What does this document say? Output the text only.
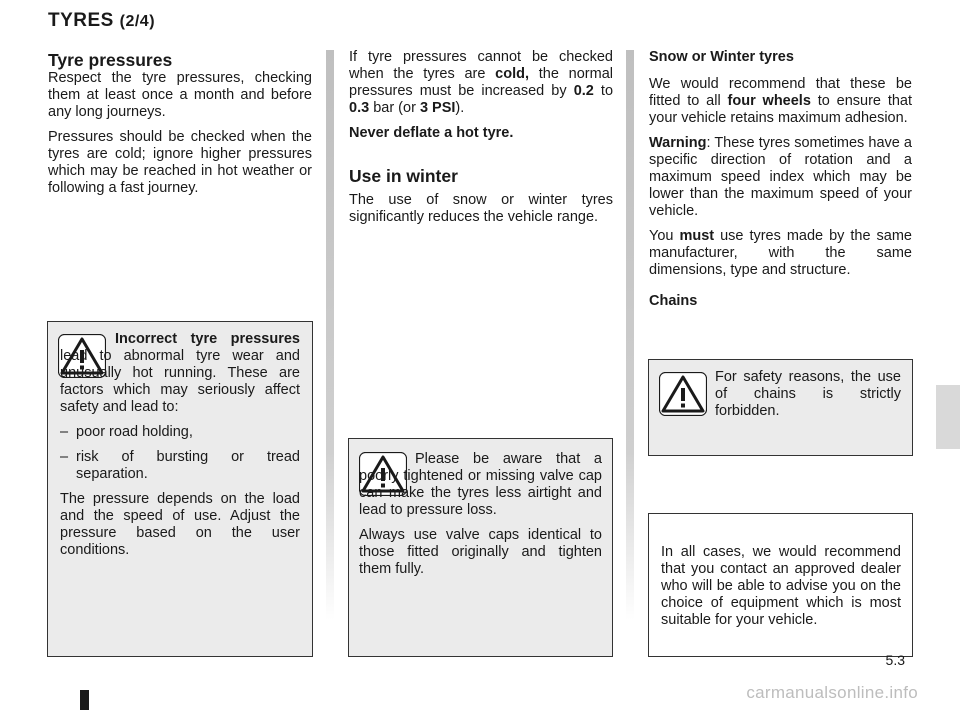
TYRES (2/4)
Tyre pressures

Respect the tyre pressures, checking them at least once a month and before any long journeys.

Pressures should be checked when the tyres are cold; ignore higher pressures which may be reached in hot weather or following a fast journey.

If tyre pressures cannot be checked when the tyres are cold, the normal pressures must be increased by 0.2 to 0.3 bar (or 3 PSI).

Never deflate a hot tyre.

Use in winter

The use of snow or winter tyres significantly reduces the vehicle range.

Snow or Winter tyres

We would recommend that these be fitted to all four wheels to ensure that your vehicle retains maximum adhesion.

Warning: These tyres sometimes have a specific direction of rotation and a maximum speed index which may be lower than the maximum speed of your vehicle.

You must use tyres made by the same manufacturer, with the same dimensions, type and structure.

Chains

Incorrect tyre pressures lead to abnormal tyre wear and unusually hot running. These are factors which may seriously affect safety and lead to:

– poor road holding,
– risk of bursting or tread separation.

The pressure depends on the load and the speed of use. Adjust the pressure based on the user conditions.

Please be aware that a poorly tightened or missing valve cap can make the tyres less airtight and lead to pressure loss.

Always use valve caps identical to those fitted originally and tighten them fully.

For safety reasons, the use of chains is strictly forbidden.

In all cases, we would recommend that you contact an approved dealer who will be able to advise you on the choice of equipment which is most suitable for your vehicle.

5.3
carmanualsonline.info
